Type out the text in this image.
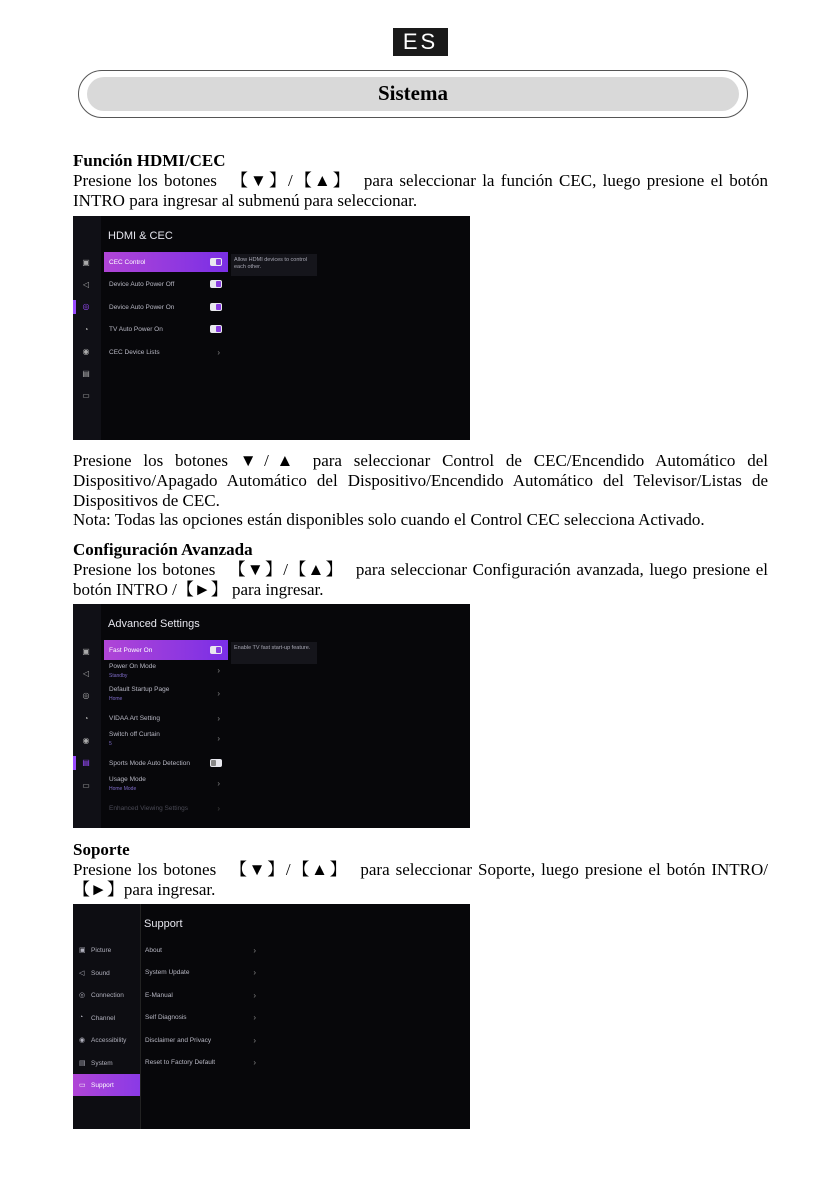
ES
Sistema

Función HDMI/CEC

Presione los botones 【▼】/【▲】 para seleccionar la función CEC, luego presione el botón INTRO para ingresar al submenú para seleccionar.

▣
◁
◎
◔
◉
▤
▭
HDMI & CEC
CEC Control
Device Auto Power Off
Device Auto Power On
TV Auto Power On
CEC Device Lists	›
Allow HDMI devices to control each other.

Presione los botones ▼/▲ para seleccionar Control de CEC/Encendido Automático del Dispositivo/Apagado Automático del Dispositivo/Encendido Automático del Televisor/Listas de Dispositivos de CEC.

Nota: Todas las opciones están disponibles solo cuando el Control CEC selecciona Activado.

Configuración Avanzada

Presione los botones 【▼】/【▲】 para seleccionar Configuración avanzada, luego presione el botón INTRO /【►】 para ingresar.

▣
◁
◎
◔
◉
▤
▭
Advanced Settings
Fast Power On
Power On Mode
Standby
›
Default Startup Page
Home
›
VIDAA Art Setting	›
Switch off Curtain
5
›
Sports Mode Auto Detection
Usage Mode
Home Mode
›
Enhanced Viewing Settings	›
Enable TV fast start-up feature.

Soporte

Presione los botones 【▼】/【▲】 para seleccionar Soporte, luego presione el botón INTRO/【►】para ingresar.

▣ Picture
◁ Sound
◎ Connection
◔ Channel
◉ Accessibility
▤ System
▭ Support
Support
About	›
System Update	›
E-Manual	›
Self Diagnosis	›
Disclaimer and Privacy	›
Reset to Factory Default	›
